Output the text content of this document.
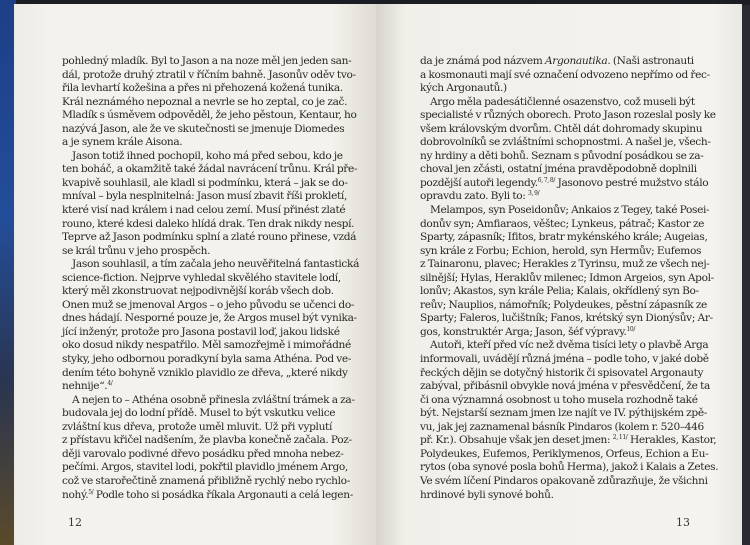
pohledný mladík. Byl to Jason a na noze měl jen jeden san-
dál, protože druhý ztratil v říčním bahně. Jasonův oděv tvo-
řila levhartí kožešina a přes ni přehozená kožená tunika.
Král neznámého nepoznal a nevrle se ho zeptal, co je zač.
Mladík s úsměvem odpověděl, že jeho pěstoun, Kentaur, ho
nazývá Jason, ale že ve skutečnosti se jmenuje Diomedes
a je synem krále Aisona.
Jason totiž ihned pochopil, koho má před sebou, kdo je
ten boháč, a okamžitě také žádal navrácení trůnu. Král pře-
kvapivě souhlasil, ale kladl si podmínku, která – jak se do-
mníval – byla nesplnitelná: Jason musí zbavit říši prokletí,
které visí nad králem i nad celou zemí. Musí přinést zlaté
rouno, které kdesi daleko hlídá drak. Ten drak nikdy nespí.
Teprve až Jason podmínku splní a zlaté rouno přinese, vzdá
se král trůnu v jeho prospěch.
Jason souhlasil, a tím začala jeho neuvěřitelná fantastická
science-fiction. Nejprve vyhledal skvělého stavitele lodí,
který měl zkonstruovat nejpodivnější koráb všech dob.
Onen muž se jmenoval Argos – o jeho původu se učenci do-
dnes hádají. Nesporné pouze je, že Argos musel být vynika-
jící inženýr, protože pro Jasona postavil loď, jakou lidské
oko dosud nikdy nespatřilo. Měl samozřejmě i mimořádné
styky, jeho odbornou poradkyní byla sama Athéna. Pod ve-
dením této bohyně vzniklo plavidlo ze dřeva, „které nikdy
nehnije“.$^{4/}$
A nejen to – Athéna osobně přinesla zvláštní trámek a za-
budovala jej do lodní přídě. Musel to být vskutku velice
zvláštní kus dřeva, protože uměl mluvit. Už při vyplutí
z přístavu křičel nadšením, že plavba konečně začala. Poz-
ději varovalo podivné dřevo posádku před mnoha nebez-
pečími. Argos, stavitel lodi, pokřtil plavidlo jménem Argo,
což ve starořečtině znamená přibližně rychlý nebo rychlo-
nohý.$^{5/}$ Podle toho si posádka říkala Argonauti a celá legen-
12
da je známá pod názvem Argonautika. (Naši astronauti
a kosmonauti mají své označení odvozeno nepřímo od řec-
kých Argonautů.)
Argo měla padesátičlenné osazenstvo, což museli být
specialisté v různých oborech. Proto Jason rozeslal posly ke
všem královským dvorům. Chtěl dát dohromady skupinu
dobrovolníků se zvláštními schopnostmi. A našel je, všech-
ny hrdiny a děti bohů. Seznam s původní posádkou se za-
choval jen zčásti, ostatní jména pravděpodobně doplnili
pozdější autoři legendy.$^{6, 7, 8/}$ Jasonovo pestré mužstvo stálo
opravdu zato. Byli to: $^{3, 9/}$
Melampos, syn Poseidonův; Ankaios z Tegey, také Posei-
donův syn; Amfiaraos, věštec; Lynkeus, pátrač; Kastor ze
Sparty, zápasník; Ifitos, bratr mykénského krále; Augeias,
syn krále z Forbu; Echion, herold, syn Hermův; Eufemos
z Tainaronu, plavec; Herakles z Tyrinsu, muž ze všech nej-
silnější; Hylas, Heraklův milenec; Idmon Argeios, syn Apol-
lonův; Akastos, syn krále Pelia; Kalais, okřídlený syn Bo-
reův; Nauplios, námořník; Polydeukes, pěstní zápasník ze
Sparty; Faleros, lučištník; Fanos, krétský syn Dionýsův; Ar-
gos, konstruktér Arga; Jason, šéf výpravy.$^{10/}$
Autoři, kteří před víc než dvěma tisíci lety o plavbě Arga
informovali, uvádějí různá jména – podle toho, v jaké době
řeckých dějin se dotyčný historik či spisovatel Argonauty
zabýval, přibásnil obvykle nová jména v přesvědčení, že ta
či ona významná osobnost u toho musela rozhodně také
být. Nejstarší seznam jmen lze najít ve IV. pýthijském zpě-
vu, jak jej zaznamenal básník Pindaros (kolem r. 520–446
př. Kr.). Obsahuje však jen deset jmen: $^{2, 11/}$ Herakles, Kastor,
Polydeukes, Eufemos, Periklymenos, Orfeus, Echion a Eu-
rytos (oba synové posla bohů Herma), jakož i Kalais a Zetes.
Ve svém líčení Pindaros opakovaně zdůrazňuje, že všichni
hrdinové byli synové bohů.
13
